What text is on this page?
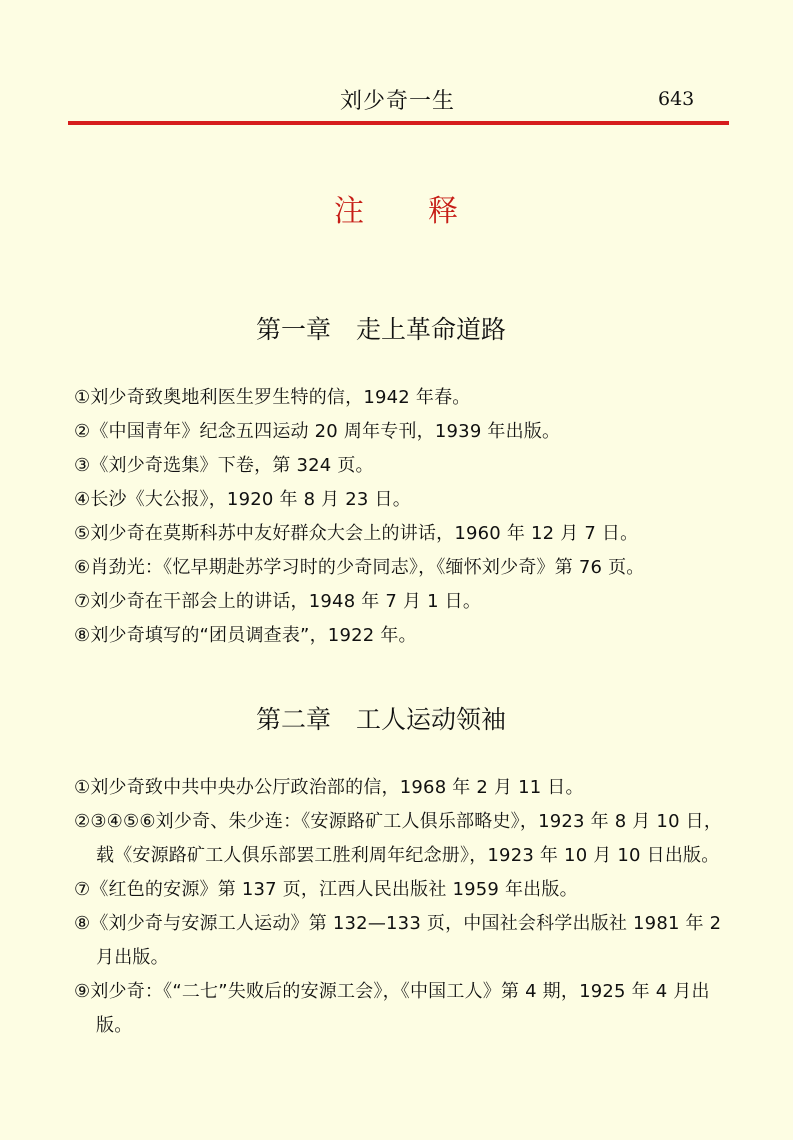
刘少奇一生	643
注 释
第一章　走上革命道路
①刘少奇致奥地利医生罗生特的信，1942 年春。
②《中国青年》纪念五四运动 20 周年专刊，1939 年出版。
③《刘少奇选集》下卷，第 324 页。
④长沙《大公报》，1920 年 8 月 23 日。
⑤刘少奇在莫斯科苏中友好群众大会上的讲话，1960 年 12 月 7 日。
⑥肖劲光：《忆早期赴苏学习时的少奇同志》，《缅怀刘少奇》第 76 页。
⑦刘少奇在干部会上的讲话，1948 年 7 月 1 日。
⑧刘少奇填写的“团员调查表”，1922 年。
第二章　工人运动领袖
①刘少奇致中共中央办公厅政治部的信，1968 年 2 月 11 日。
②③④⑤⑥刘少奇、朱少连：《安源路矿工人俱乐部略史》，1923 年 8 月 10 日，载《安源路矿工人俱乐部罢工胜利周年纪念册》，1923 年 10 月 10 日出版。
⑦《红色的安源》第 137 页，江西人民出版社 1959 年出版。
⑧《刘少奇与安源工人运动》第 132—133 页，中国社会科学出版社 1981 年 2 月出版。
⑨刘少奇：《“二七”失败后的安源工会》，《中国工人》第 4 期，1925 年 4 月出版。
